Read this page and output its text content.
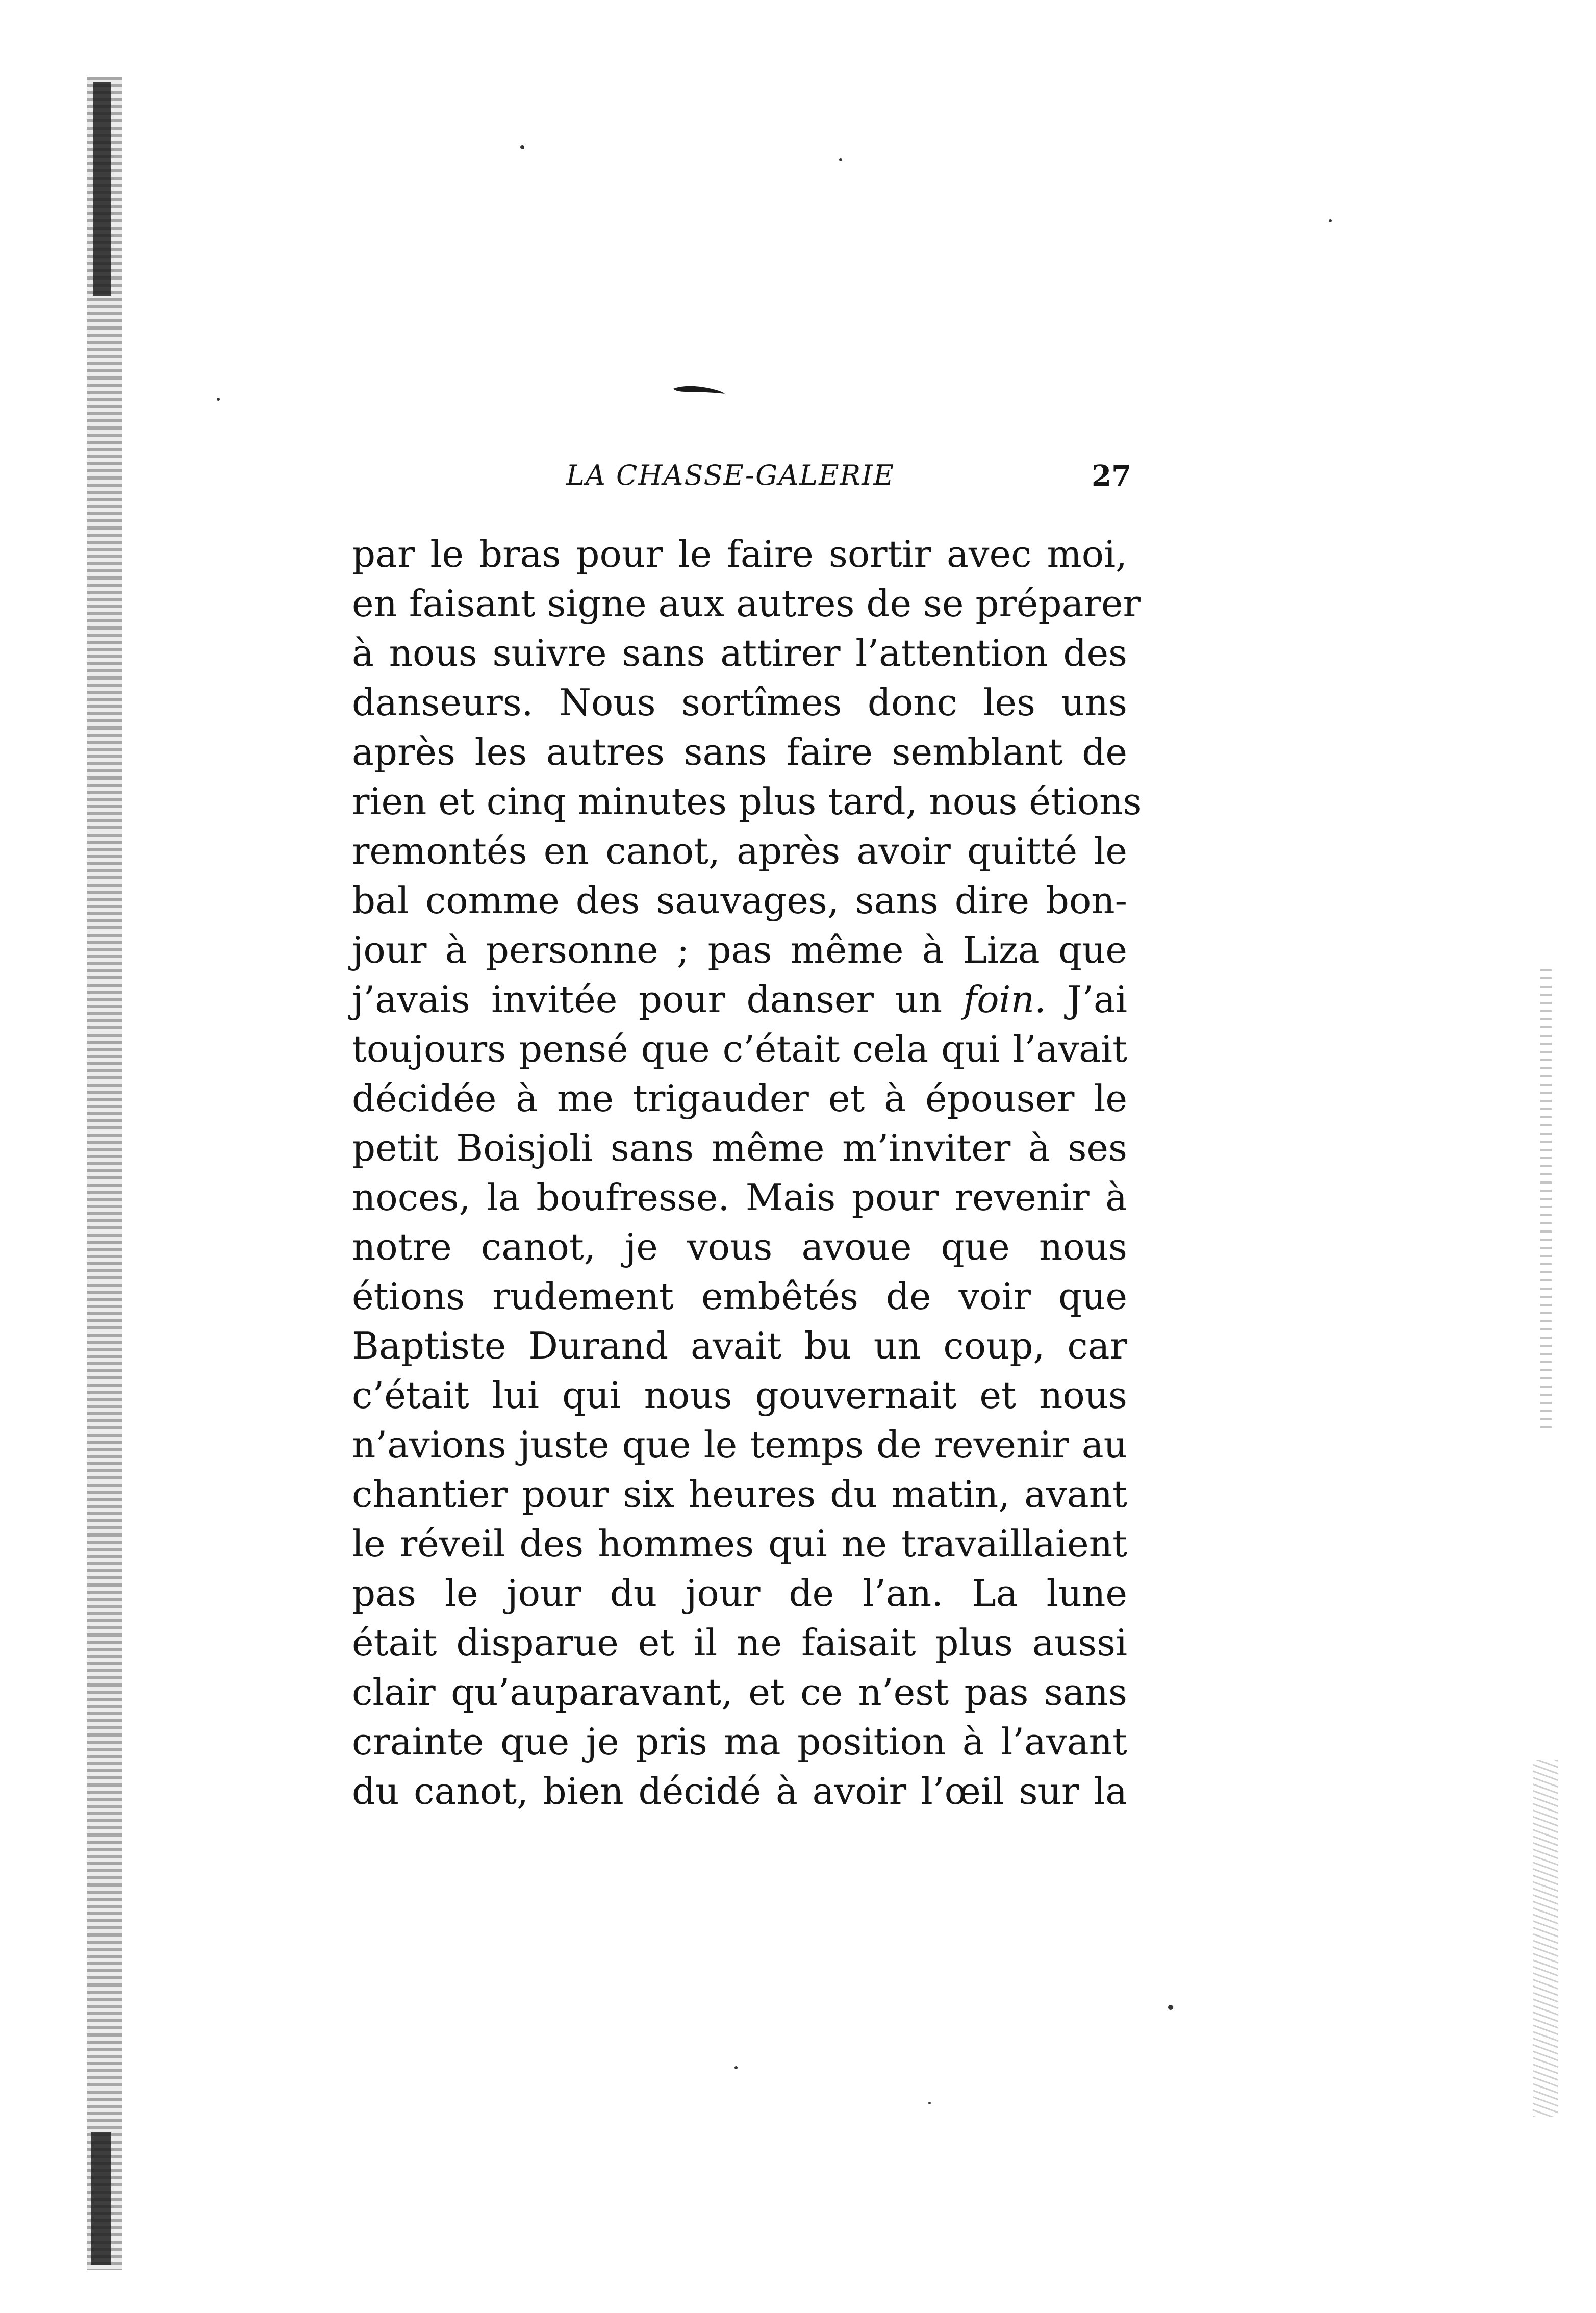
LA CHASSE-GALERIE	27
par le bras pour le faire sortir avec moi,
en faisant signe aux autres de se préparer
à nous suivre sans attirer l’attention des
danseurs. Nous sortîmes donc les uns
après les autres sans faire semblant de
rien et cinq minutes plus tard, nous étions
remontés en canot, après avoir quitté le
bal comme des sauvages, sans dire bon-
jour à personne ; pas même à Liza que
j’avais invitée pour danser un foin. J’ai
toujours pensé que c’était cela qui l’avait
décidée à me trigauder et à épouser le
petit Boisjoli sans même m’inviter à ses
noces, la boufresse. Mais pour revenir à
notre canot, je vous avoue que nous
étions rudement embêtés de voir que
Baptiste Durand avait bu un coup, car
c’était lui qui nous gouvernait et nous
n’avions juste que le temps de revenir au
chantier pour six heures du matin, avant
le réveil des hommes qui ne travaillaient
pas le jour du jour de l’an. La lune
était disparue et il ne faisait plus aussi
clair qu’auparavant, et ce n’est pas sans
crainte que je pris ma position à l’avant
du canot, bien décidé à avoir l’œil sur la
